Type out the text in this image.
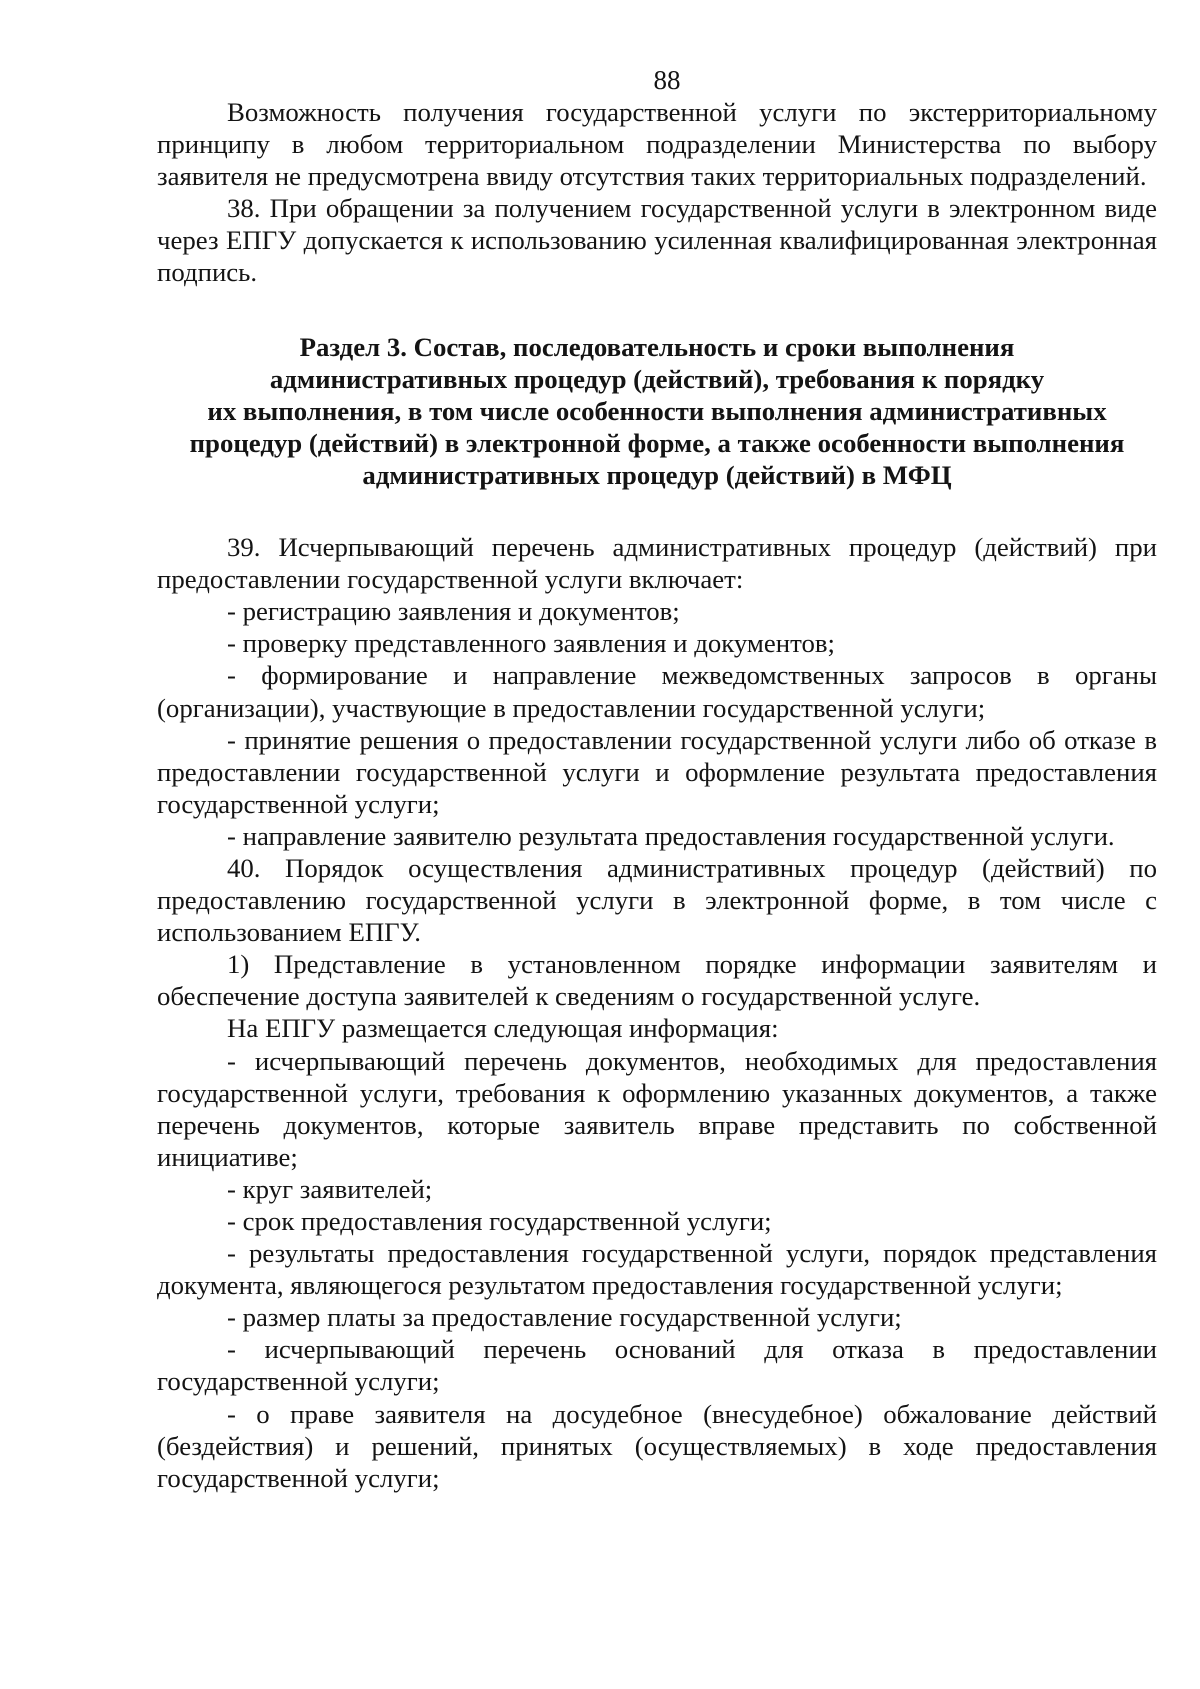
88

Возможность получения государственной услуги по экстерриториальному принципу в любом территориальном подразделении Министерства по выбору заявителя не предусмотрена ввиду отсутствия таких территориальных подразделений.

38. При обращении за получением государственной услуги в электронном виде через ЕПГУ допускается к использованию усиленная квалифицированная электронная подпись.

Раздел 3. Состав, последовательность и сроки выполнения
административных процедур (действий), требования к порядку
их выполнения, в том числе особенности выполнения административных
процедур (действий) в электронной форме, а также особенности выполнения
административных процедур (действий) в МФЦ

39. Исчерпывающий перечень административных процедур (действий) при предоставлении государственной услуги включает:

- регистрацию заявления и документов;

- проверку представленного заявления и документов;

- формирование и направление межведомственных запросов в органы (организации), участвующие в предоставлении государственной услуги;

- принятие решения о предоставлении государственной услуги либо об отказе в предоставлении государственной услуги и оформление результата предоставления государственной услуги;

- направление заявителю результата предоставления государственной услуги.

40. Порядок осуществления административных процедур (действий) по предоставлению государственной услуги в электронной форме, в том числе с использованием ЕПГУ.

1) Представление в установленном порядке информации заявителям и обеспечение доступа заявителей к сведениям о государственной услуге.

На ЕПГУ размещается следующая информация:

- исчерпывающий перечень документов, необходимых для предоставления государственной услуги, требования к оформлению указанных документов, а также перечень документов, которые заявитель вправе представить по собственной инициативе;

- круг заявителей;

- срок предоставления государственной услуги;

- результаты предоставления государственной услуги, порядок представления документа, являющегося результатом предоставления государственной услуги;

- размер платы за предоставление государственной услуги;

- исчерпывающий перечень оснований для отказа в предоставлении государственной услуги;

- о праве заявителя на досудебное (внесудебное) обжалование действий (бездействия) и решений, принятых (осуществляемых) в ходе предоставления государственной услуги;
